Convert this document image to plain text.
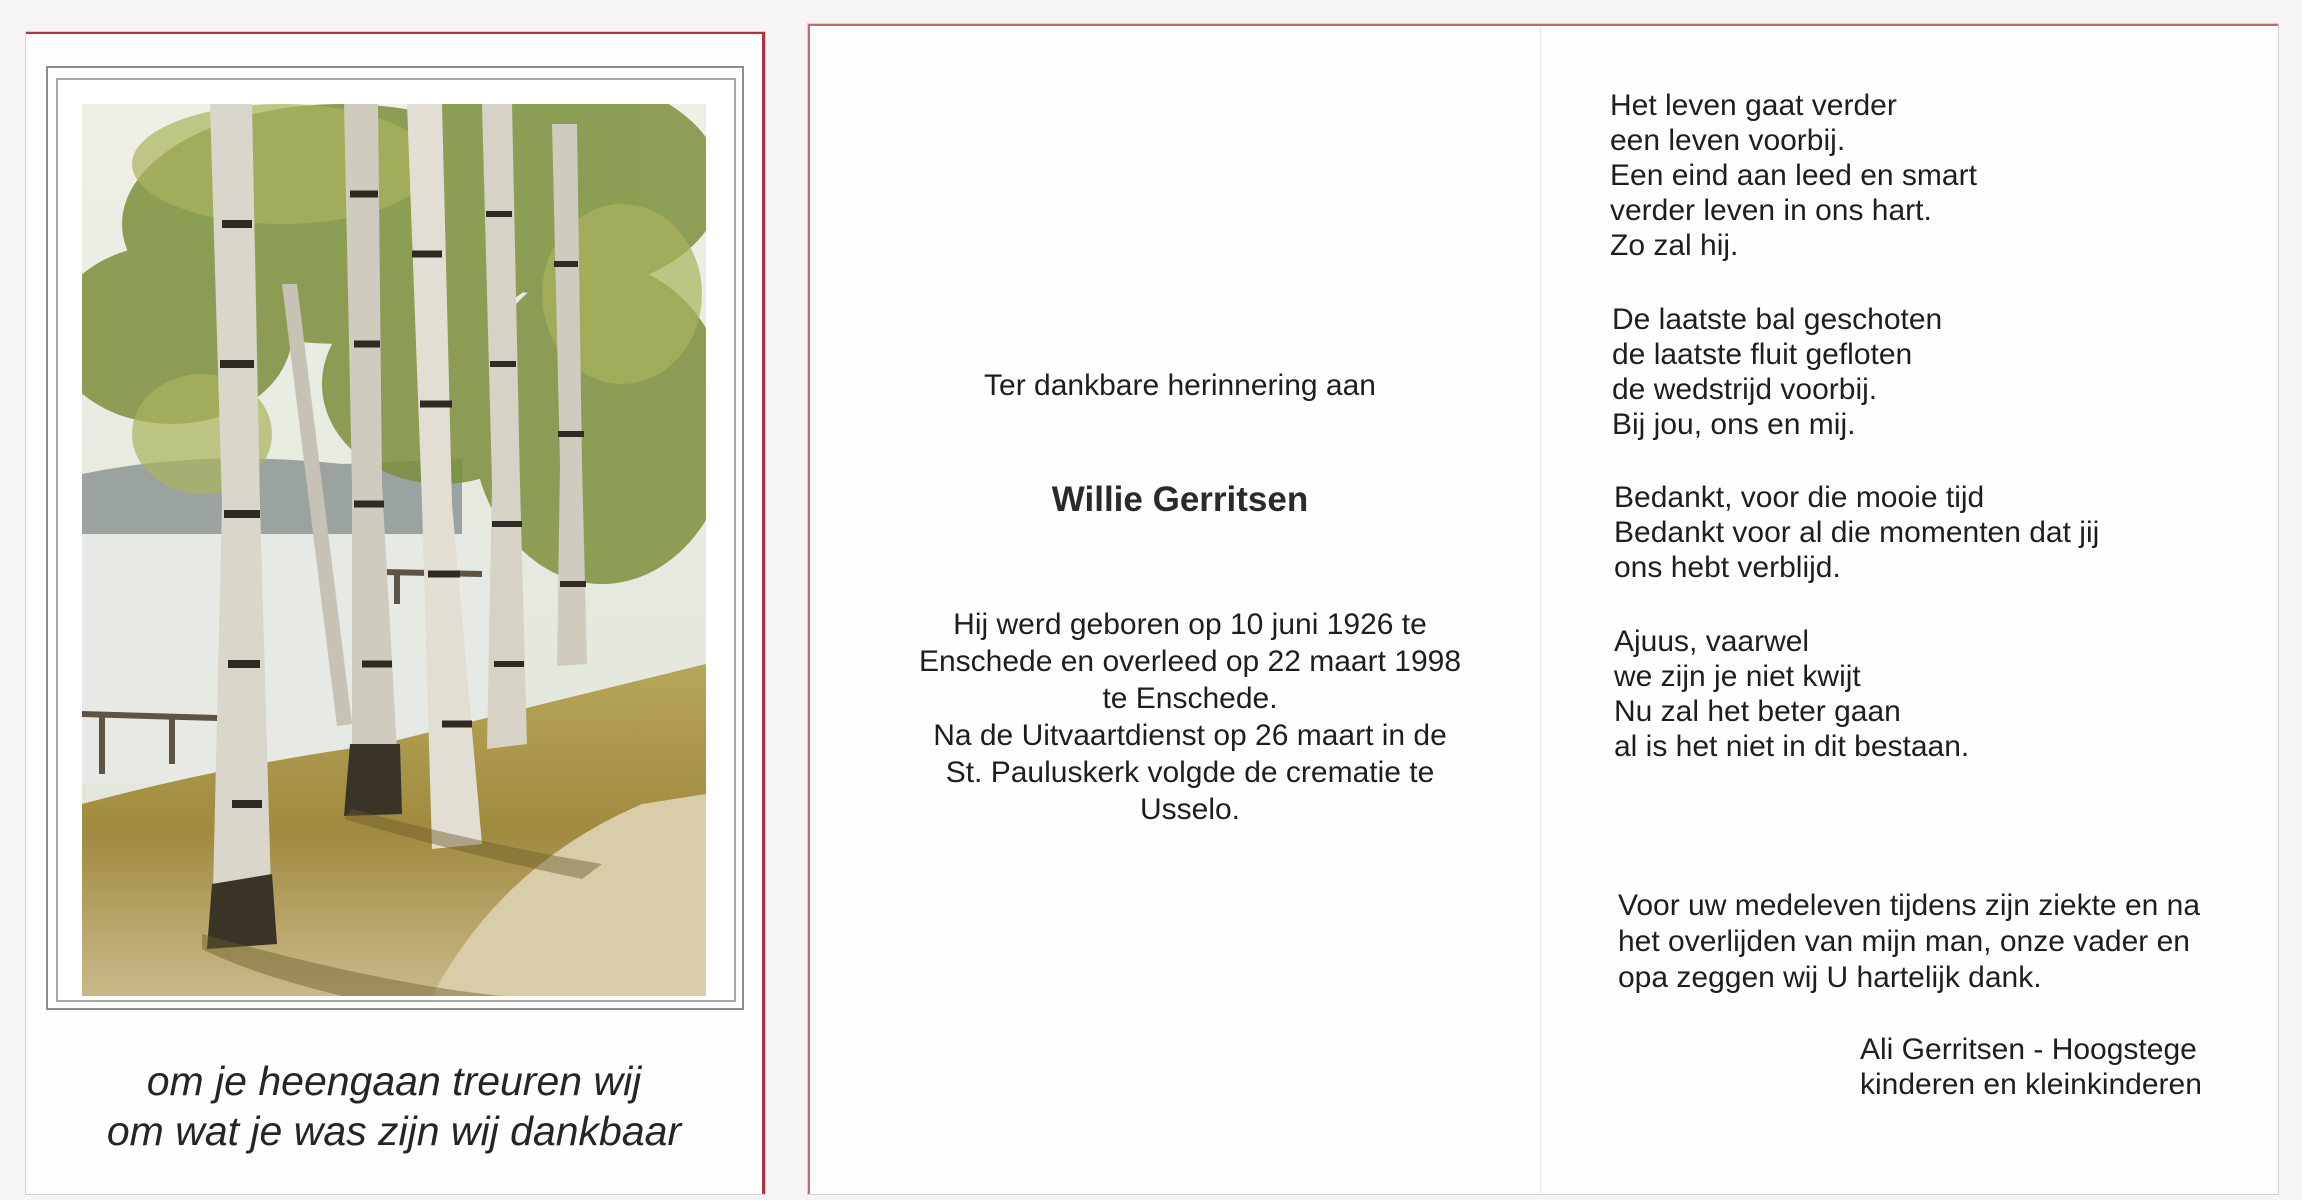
om je heengaan treuren wij
om wat je was zijn wij dankbaar
Ter dankbare herinnering aan
Willie Gerritsen
Hij werd geboren op 10 juni 1926 te
Enschede en overleed op 22 maart 1998
te Enschede.
Na de Uitvaartdienst op 26 maart in de
St. Pauluskerk volgde de crematie te
Usselo.
Het leven gaat verder
een leven voorbij.
Een eind aan leed en smart
verder leven in ons hart.
Zo zal hij.
De laatste bal geschoten
de laatste fluit gefloten
de wedstrijd voorbij.
Bij jou, ons en mij.
Bedankt, voor die mooie tijd
Bedankt voor al die momenten dat jij
ons hebt verblijd.
Ajuus, vaarwel
we zijn je niet kwijt
Nu zal het beter gaan
al is het niet in dit bestaan.
Voor uw medeleven tijdens zijn ziekte en na
het overlijden van mijn man, onze vader en
opa zeggen wij U hartelijk dank.
Ali Gerritsen - Hoogstege
kinderen en kleinkinderen
